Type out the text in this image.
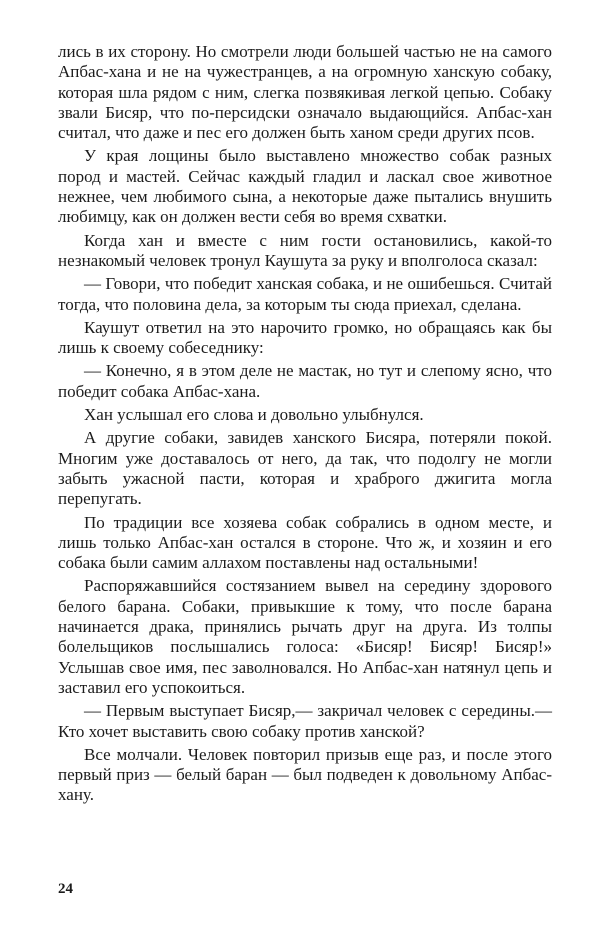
лись в их сторону. Но смотрели люди большей частью не на самого Апбас-хана и не на чужестранцев, а на огромную ханскую собаку, которая шла рядом с ним, слегка позвякивая легкой цепью. Собаку звали Бисяр, что по-персидски означало выдающийся. Апбас-хан считал, что даже и пес его должен быть ханом среди других псов.

У края лощины было выставлено множество собак разных пород и мастей. Сейчас каждый гладил и ласкал свое животное нежнее, чем любимого сына, а некоторые даже пытались внушить любимцу, как он должен вести себя во время схватки.

Когда хан и вместе с ним гости остановились, какой-то незнакомый человек тронул Каушута за руку и вполголоса сказал:

— Говори, что победит ханская собака, и не ошибешься. Считай тогда, что половина дела, за которым ты сюда приехал, сделана.

Каушут ответил на это нарочито громко, но обращаясь как бы лишь к своему собеседнику:

— Конечно, я в этом деле не мастак, но тут и слепому ясно, что победит собака Апбас-хана.

Хан услышал его слова и довольно улыбнулся.

А другие собаки, завидев ханского Бисяра, потеряли покой. Многим уже доставалось от него, да так, что подолгу не могли забыть ужасной пасти, которая и храброго джигита могла перепугать.

По традиции все хозяева собак собрались в одном месте, и лишь только Апбас-хан остался в стороне. Что ж, и хозяин и его собака были самим аллахом поставлены над остальными!

Распоряжавшийся состязанием вывел на середину здорового белого барана. Собаки, привыкшие к тому, что после барана начинается драка, принялись рычать друг на друга. Из толпы болельщиков послышались голоса: «Бисяр! Бисяр! Бисяр!» Услышав свое имя, пес заволновался. Но Апбас-хан натянул цепь и заставил его успокоиться.

— Первым выступает Бисяр,— закричал человек с середины.— Кто хочет выставить свою собаку против ханской?

Все молчали. Человек повторил призыв еще раз, и после этого первый приз — белый баран — был подведен к довольному Апбас-хану.

24
